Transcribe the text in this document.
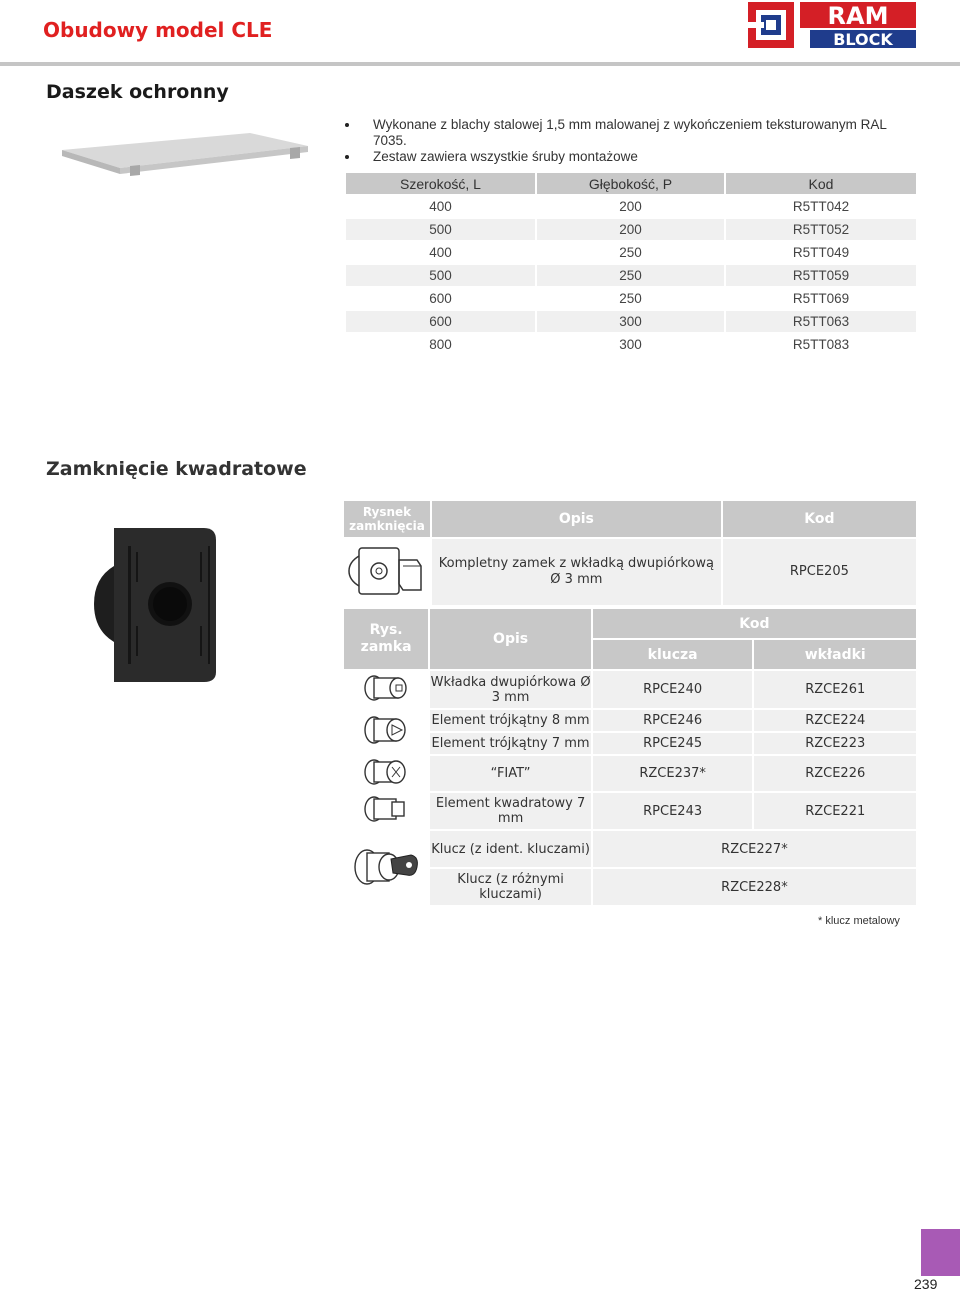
Obudowy model CLE	RAM
BLOCK
Daszek ochronny
Wykonane z blachy stalowej 1,5 mm malowanej z wykończeniem teksturowanym RAL 7035.
Zestaw zawiera wszystkie śruby montażowe
Szerokość, L	Głębokość, P	Kod
400	200	R5TT042
500	200	R5TT052
400	250	R5TT049
500	250	R5TT059
600	250	R5TT069
600	300	R5TT063
800	300	R5TT083
Zamknięcie kwadratowe
Rysnek zamknięcia	Opis	Kod
	Kompletny zamek z wkładką dwupiórkową Ø 3 mm	RPCE205
Rys. zamka	Opis	Kod	
		klucza	wkładki
	Wkładka dwupiórkowa Ø 3 mm	RPCE240	RZCE261
	Element trójkątny 8 mm	RPCE246	RZCE224
	Element trójkątny 7 mm	RPCE245	RZCE223
	“FIAT”	RZCE237*	RZCE226
	Element kwadratowy 7 mm	RPCE243	RZCE221
	Klucz (z ident. kluczami)	RZCE227*	
	Klucz (z różnymi kluczami)	RZCE228*	
* klucz metalowy
239
